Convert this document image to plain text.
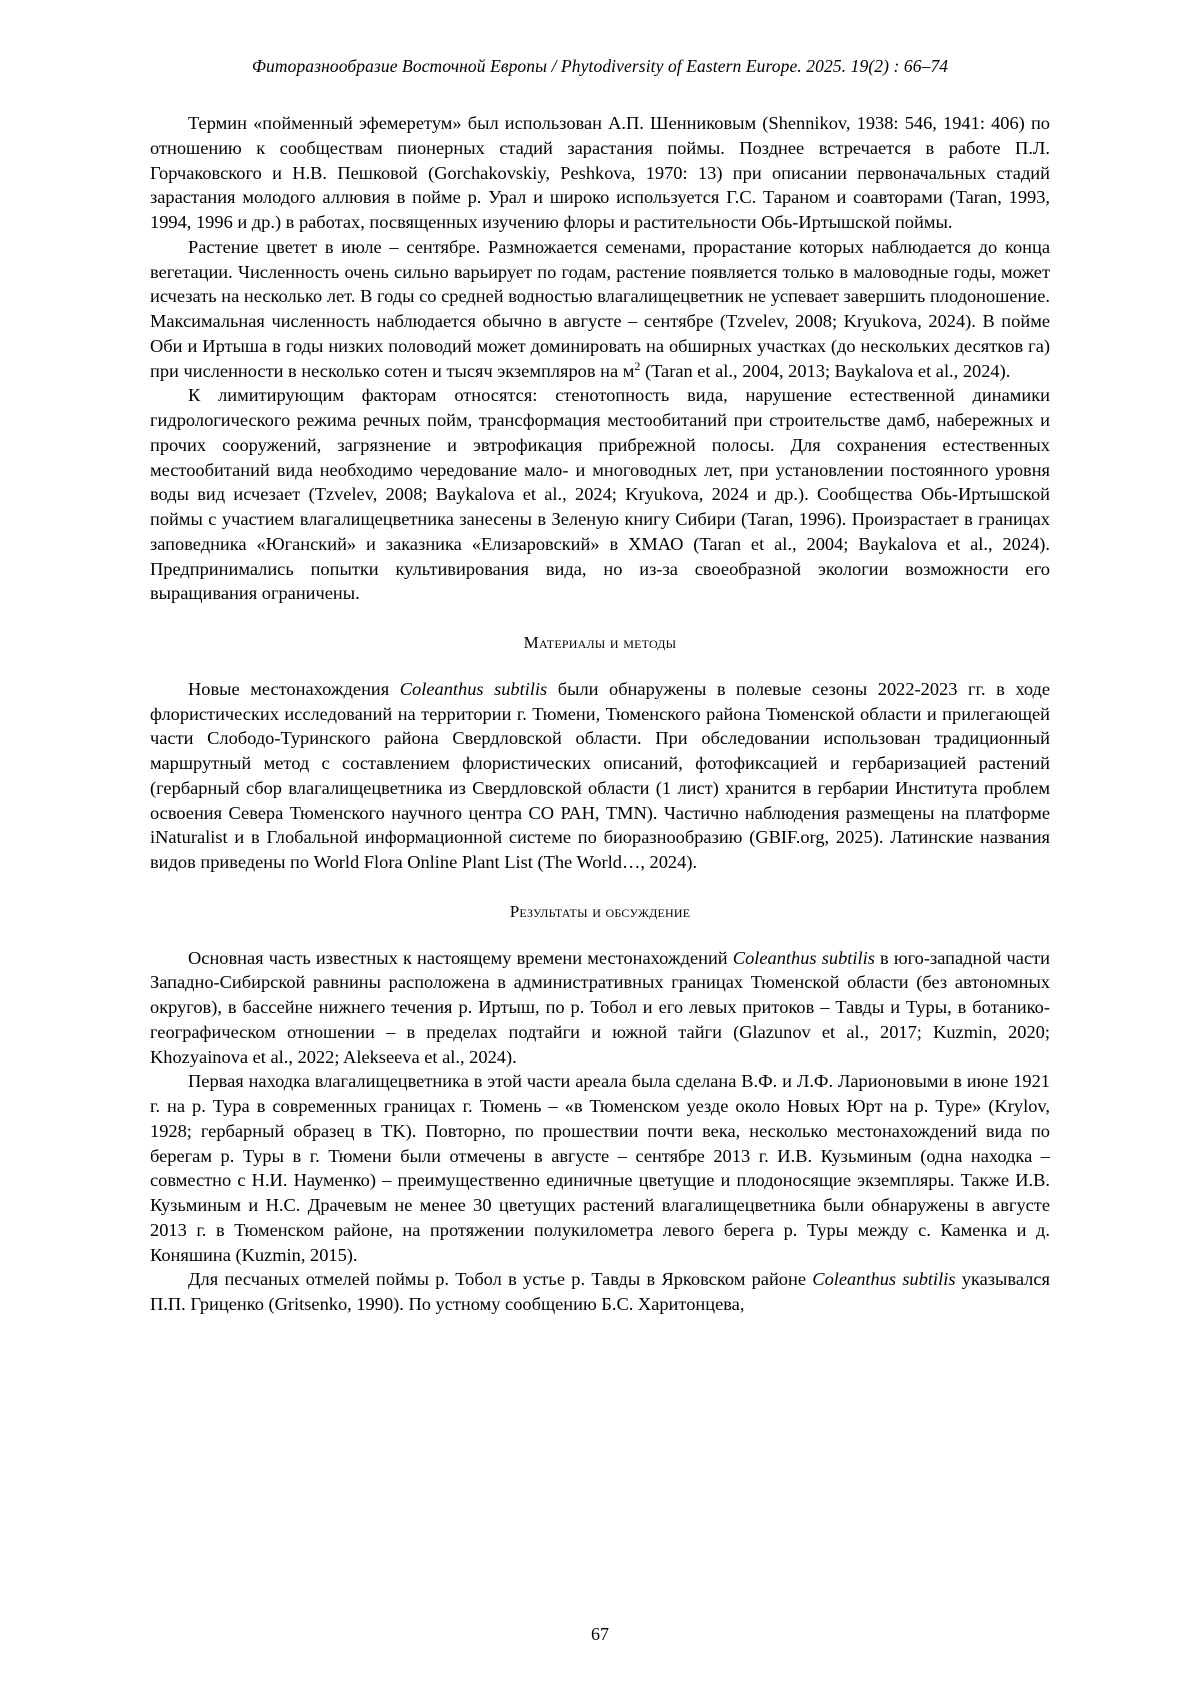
Фиторазнообразие Восточной Европы / Phytodiversity of Eastern Europe. 2025. 19(2) : 66–74

Термин «пойменный эфемеретум» был использован А.П. Шенниковым (Shennikov, 1938: 546, 1941: 406) по отношению к сообществам пионерных стадий зарастания поймы. Позднее встречается в работе П.Л. Горчаковского и Н.В. Пешковой (Gorchakovskiy, Peshkova, 1970: 13) при описании первоначальных стадий зарастания молодого аллювия в пойме р. Урал и широко используется Г.С. Тараном и соавторами (Taran, 1993, 1994, 1996 и др.) в работах, посвященных изучению флоры и растительности Обь-Иртышской поймы.

Растение цветет в июле – сентябре. Размножается семенами, прорастание которых наблюдается до конца вегетации. Численность очень сильно варьирует по годам, растение появляется только в маловодные годы, может исчезать на несколько лет. В годы со средней водностью влагалищецветник не успевает завершить плодоношение. Максимальная численность наблюдается обычно в августе – сентябре (Tzvelev, 2008; Kryukova, 2024). В пойме Оби и Иртыша в годы низких половодий может доминировать на обширных участках (до нескольких десятков га) при численности в несколько сотен и тысяч экземпляров на $м^2$ (Taran et al., 2004, 2013; Baykalova et al., 2024).

К лимитирующим факторам относятся: стенотопность вида, нарушение естественной динамики гидрологического режима речных пойм, трансформация местообитаний при строительстве дамб, набережных и прочих сооружений, загрязнение и эвтрофикация прибрежной полосы. Для сохранения естественных местообитаний вида необходимо чередование мало- и многоводных лет, при установлении постоянного уровня воды вид исчезает (Tzvelev, 2008; Baykalova et al., 2024; Kryukova, 2024 и др.). Сообщества Обь-Иртышской поймы с участием влагалищецветника занесены в Зеленую книгу Сибири (Taran, 1996). Произрастает в границах заповедника «Юганский» и заказника «Елизаровский» в ХМАО (Taran et al., 2004; Baykalova et al., 2024). Предпринимались попытки культивирования вида, но из-за своеобразной экологии возможности его выращивания ограничены.

Материалы и методы

Новые местонахождения Coleanthus subtilis были обнаружены в полевые сезоны 2022-2023 гг. в ходе флористических исследований на территории г. Тюмени, Тюменского района Тюменской области и прилегающей части Слободо-Туринского района Свердловской области. При обследовании использован традиционный маршрутный метод с составлением флористических описаний, фотофиксацией и гербаризацией растений (гербарный сбор влагалищецветника из Свердловской области (1 лист) хранится в гербарии Института проблем освоения Севера Тюменского научного центра СО РАН, TMN). Частично наблюдения размещены на платформе iNaturalist и в Глобальной информационной системе по биоразнообразию (GBIF.org, 2025). Латинские названия видов приведены по World Flora Online Plant List (The World…, 2024).

Результаты и обсуждение

Основная часть известных к настоящему времени местонахождений Coleanthus subtilis в юго-западной части Западно-Сибирской равнины расположена в административных границах Тюменской области (без автономных округов), в бассейне нижнего течения р. Иртыш, по р. Тобол и его левых притоков – Тавды и Туры, в ботанико-географическом отношении – в пределах подтайги и южной тайги (Glazunov et al., 2017; Kuzmin, 2020; Khozyainova et al., 2022; Alekseeva et al., 2024).

Первая находка влагалищецветника в этой части ареала была сделана В.Ф. и Л.Ф. Ларионовыми в июне 1921 г. на р. Тура в современных границах г. Тюмень – «в Тюменском уезде около Новых Юрт на р. Туре» (Krylov, 1928; гербарный образец в TK). Повторно, по прошествии почти века, несколько местонахождений вида по берегам р. Туры в г. Тюмени были отмечены в августе – сентябре 2013 г. И.В. Кузьминым (одна находка – совместно с Н.И. Науменко) – преимущественно единичные цветущие и плодоносящие экземпляры. Также И.В. Кузьминым и Н.С. Драчевым не менее 30 цветущих растений влагалищецветника были обнаружены в августе 2013 г. в Тюменском районе, на протяжении полукилометра левого берега р. Туры между с. Каменка и д. Коняшина (Kuzmin, 2015).

Для песчаных отмелей поймы р. Тобол в устье р. Тавды в Ярковском районе Coleanthus subtilis указывался П.П. Гриценко (Gritsenko, 1990). По устному сообщению Б.С. Харитонцева,

67
